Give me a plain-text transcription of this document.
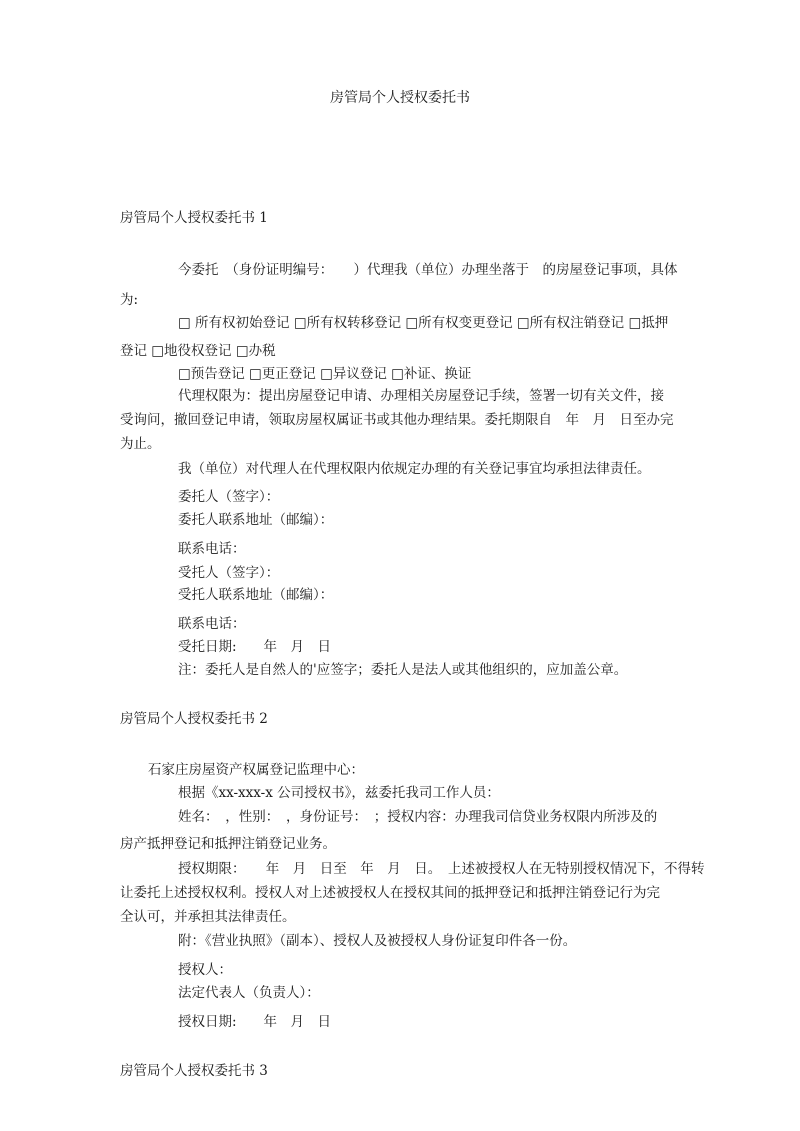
房管局个人授权委托书
房管局个人授权委托书 1
今委托　（身份证明编号：　　）代理我（单位）办理坐落于　的房屋登记事项，具体
为:
□ 所有权初始登记 □所有权转移登记 □所有权变更登记 □所有权注销登记 □抵押
登记 □地役权登记 □办税
□预告登记 □更正登记 □异议登记 □补证、换证
代理权限为：提出房屋登记申请、办理相关房屋登记手续，签署一切有关文件，接
受询问，撤回登记申请，领取房屋权属证书或其他办理结果。委托期限自　年　月　日至办完
为止。
我（单位）对代理人在代理权限内依规定办理的有关登记事宜均承担法律责任。
委托人（签字）：
委托人联系地址（邮编）：
联系电话：
受托人（签字）：
受托人联系地址（邮编）：
联系电话：
受托日期:　　年　月　日
注：委托人是自然人的'应签字；委托人是法人或其他组织的，应加盖公章。
房管局个人授权委托书 2
石家庄房屋资产权属登记监理中心：
根据《xx-xxx-x 公司授权书》，兹委托我司工作人员：
姓名：　，性别：　，身份证号：　；授权内容：办理我司信贷业务权限内所涉及的
房产抵押登记和抵押注销登记业务。
授权期限：　　年　月　日至　年　月　日。　上述被授权人在无特别授权情况下，不得转
让委托上述授权权利。授权人对上述被授权人在授权其间的抵押登记和抵押注销登记行为完
全认可，并承担其法律责任。
附：《营业执照》（副本）、授权人及被授权人身份证复印件各一份。
授权人：
法定代表人（负责人）：
授权日期:　　年　月　日
房管局个人授权委托书 3
